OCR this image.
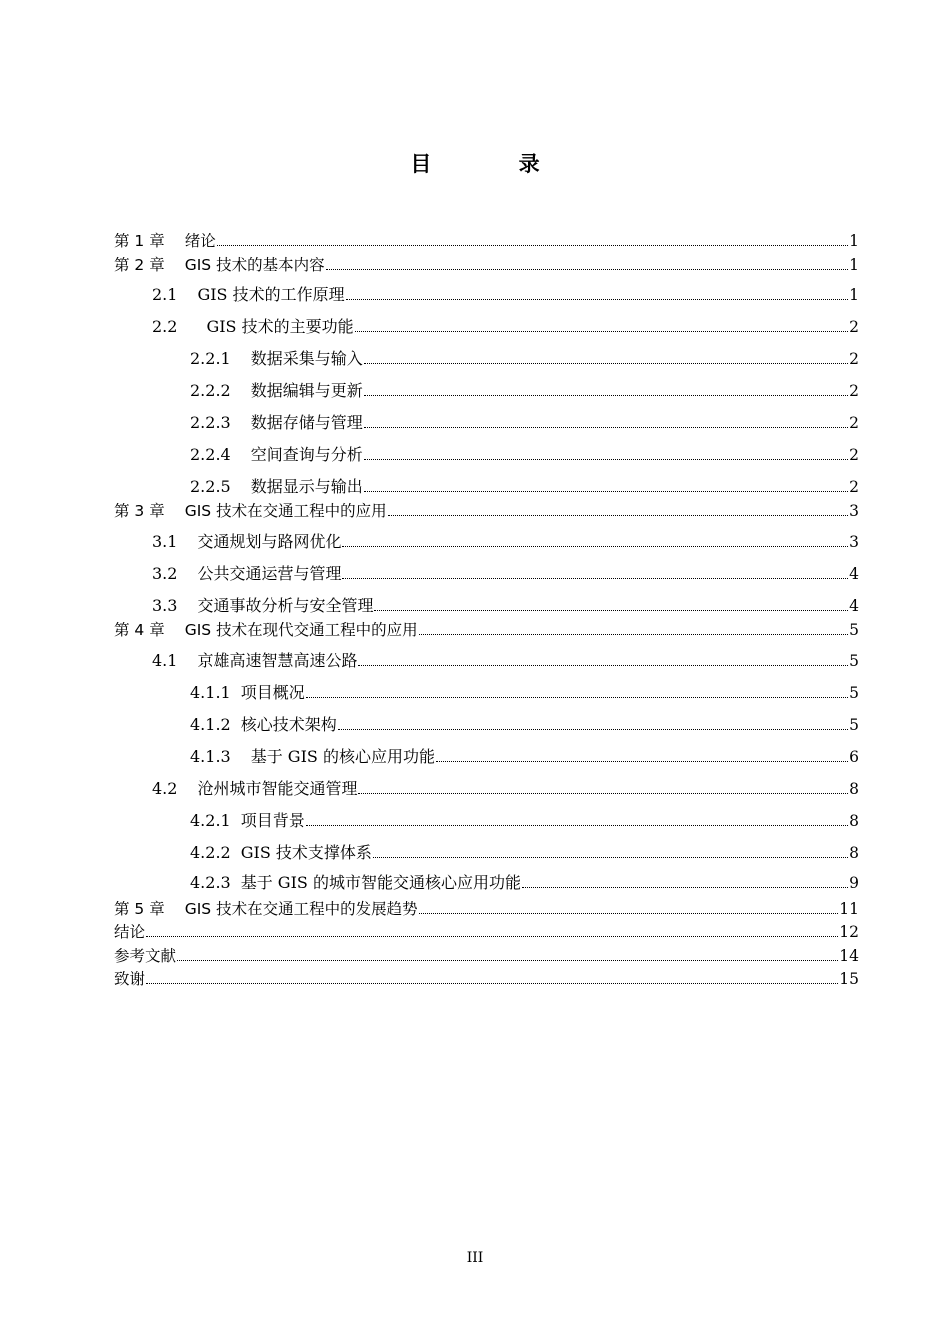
目 录
第 1 章	绪论	1
第 2 章	GIS 技术的基本内容	1
2.1	GIS 技术的工作原理	1
2.2	GIS 技术的主要功能	2
2.2.1	数据采集与输入	2
2.2.2	数据编辑与更新	2
2.2.3	数据存储与管理	2
2.2.4	空间查询与分析	2
2.2.5	数据显示与输出	2
第 3 章	GIS 技术在交通工程中的应用	3
3.1	交通规划与路网优化	3
3.2	公共交通运营与管理	4
3.3	交通事故分析与安全管理	4
第 4 章	GIS 技术在现代交通工程中的应用	5
4.1	京雄高速智慧高速公路	5
4.1.1 项目概况	5
4.1.2 核心技术架构	5
4.1.3	基于 GIS 的核心应用功能	6
4.2	沧州城市智能交通管理	8
4.2.1 项目背景	8
4.2.2 GIS 技术支撑体系	8
4.2.3 基于 GIS 的城市智能交通核心应用功能	9
第 5 章	GIS 技术在交通工程中的发展趋势	11
结论	12
参考文献	14
致谢	15
III
